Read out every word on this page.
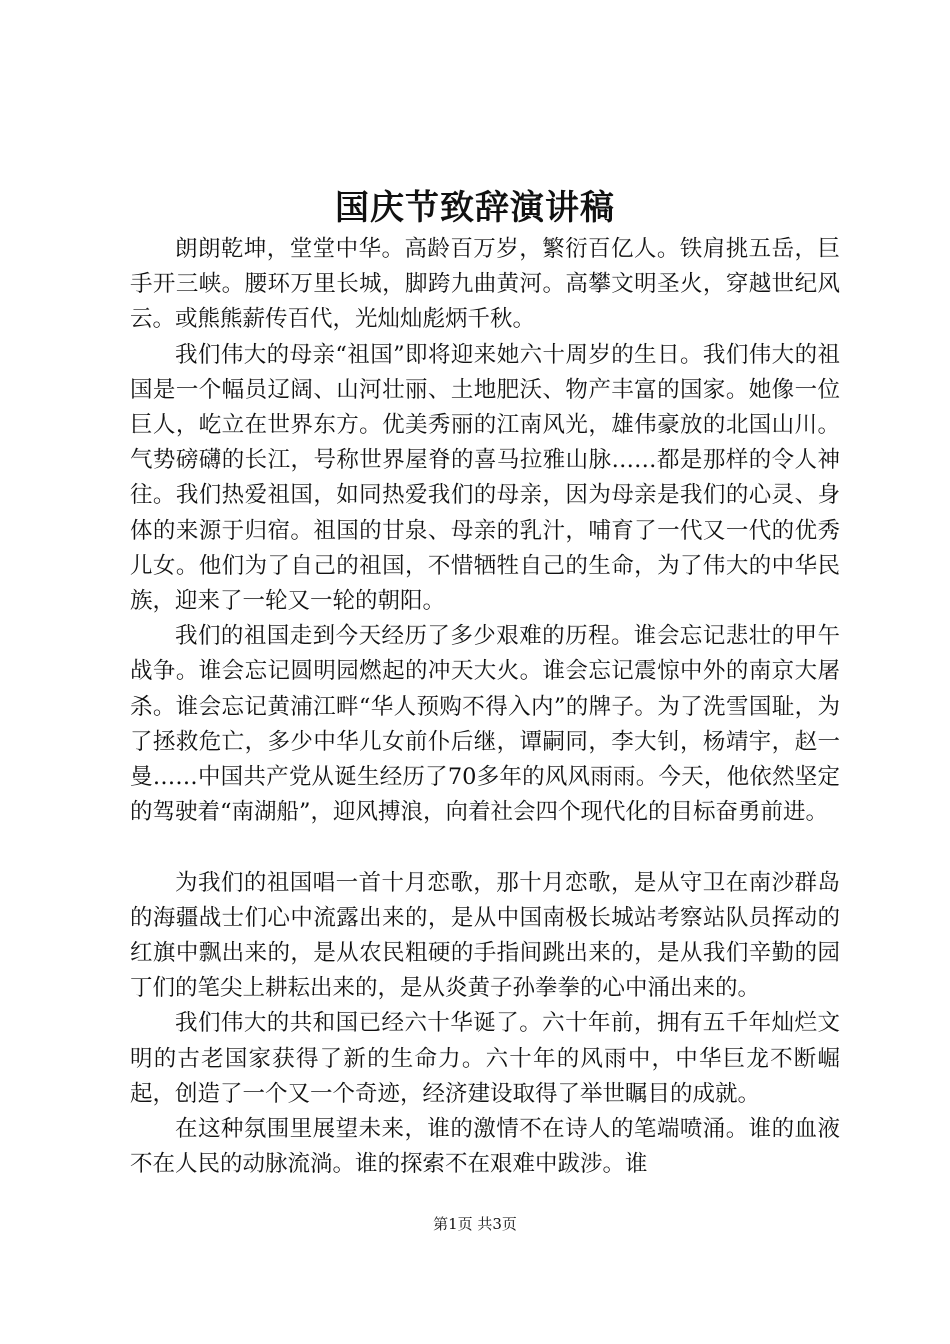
国庆节致辞演讲稿

朗朗乾坤，堂堂中华。高龄百万岁，繁衍百亿人。铁肩挑五岳，巨手开三峡。腰环万里长城，脚跨九曲黄河。高攀文明圣火，穿越世纪风云。或熊熊薪传百代，光灿灿彪炳千秋。

我们伟大的母亲“祖国”即将迎来她六十周岁的生日。我们伟大的祖国是一个幅员辽阔、山河壮丽、土地肥沃、物产丰富的国家。她像一位巨人，屹立在世界东方。优美秀丽的江南风光，雄伟豪放的北国山川。气势磅礴的长江，号称世界屋脊的喜马拉雅山脉……都是那样的令人神往。我们热爱祖国，如同热爱我们的母亲，因为母亲是我们的心灵、身体的来源于归宿。祖国的甘泉、母亲的乳汁，哺育了一代又一代的优秀儿女。他们为了自己的祖国，不惜牺牲自己的生命，为了伟大的中华民族，迎来了一轮又一轮的朝阳。

我们的祖国走到今天经历了多少艰难的历程。谁会忘记悲壮的甲午战争。谁会忘记圆明园燃起的冲天大火。谁会忘记震惊中外的南京大屠杀。谁会忘记黄浦江畔“华人预购不得入内”的牌子。为了洗雪国耻，为了拯救危亡，多少中华儿女前仆后继，谭嗣同，李大钊，杨靖宇，赵一曼……中国共产党从诞生经历了70多年的风风雨雨。今天，他依然坚定的驾驶着“南湖船”，迎风搏浪，向着社会四个现代化的目标奋勇前进。

为我们的祖国唱一首十月恋歌，那十月恋歌，是从守卫在南沙群岛的海疆战士们心中流露出来的，是从中国南极长城站考察站队员挥动的红旗中飘出来的，是从农民粗硬的手指间跳出来的，是从我们辛勤的园丁们的笔尖上耕耘出来的，是从炎黄子孙拳拳的心中涌出来的。

我们伟大的共和国已经六十华诞了。六十年前，拥有五千年灿烂文明的古老国家获得了新的生命力。六十年的风雨中，中华巨龙不断崛起，创造了一个又一个奇迹，经济建设取得了举世瞩目的成就。

在这种氛围里展望未来，谁的激情不在诗人的笔端喷涌。谁的血液不在人民的动脉流淌。谁的探索不在艰难中跋涉。谁

第1页 共3页
